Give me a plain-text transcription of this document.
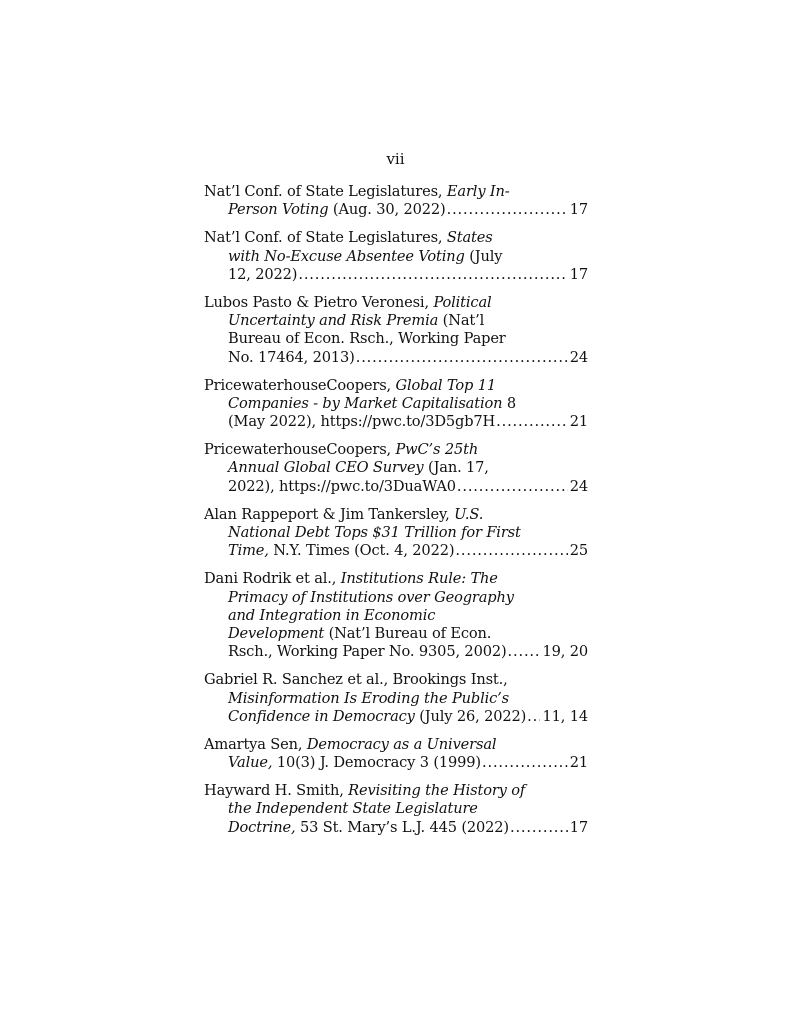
vii
Nat’l Conf. of State Legislatures, Early In-
Person Voting (Aug. 30, 2022) . . .	17
Nat’l Conf. of State Legislatures, States
with No-Excuse Absentee Voting (July
12, 2022) . . .	17
Lubos Pasto & Pietro Veronesi, Political
Uncertainty and Risk Premia (Nat’l
Bureau of Econ. Rsch., Working Paper
No. 17464, 2013) . . .	24
PricewaterhouseCoopers, Global Top 11
Companies - by Market Capitalisation 8
(May 2022), https://pwc.to/3D5gb7H . . .	21
PricewaterhouseCoopers, PwC’s 25th
Annual Global CEO Survey (Jan. 17,
2022), https://pwc.to/3DuaWA0 . . .	24
Alan Rappeport & Jim Tankersley, U.S.
National Debt Tops $31 Trillion for First
Time, N.Y. Times (Oct. 4, 2022) . . .	25
Dani Rodrik et al., Institutions Rule: The
Primacy of Institutions over Geography
and Integration in Economic
Development (Nat’l Bureau of Econ.
Rsch., Working Paper No. 9305, 2002) . . . 19, 20
Gabriel R. Sanchez et al., Brookings Inst.,
Misinformation Is Eroding the Public’s
Confidence in Democracy (July 26, 2022) . . . 11, 14
Amartya Sen, Democracy as a Universal
Value, 10(3) J. Democracy 3 (1999) . . .	21
Hayward H. Smith, Revisiting the History of
the Independent State Legislature
Doctrine, 53 St. Mary’s L.J. 445 (2022) . . .	17
